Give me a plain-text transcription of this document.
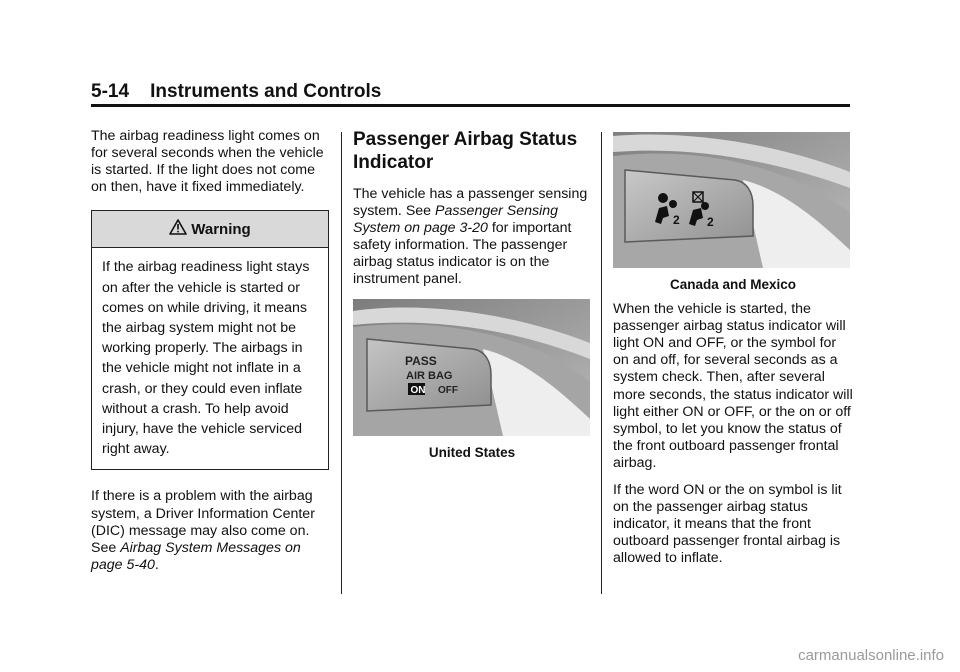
5-14    Instruments and Controls

The airbag readiness light comes on for several seconds when the vehicle is started. If the light does not come on then, have it fixed immediately.

Warning
If the airbag readiness light stays on after the vehicle is started or comes on while driving, it means the airbag system might not be working properly. The airbags in the vehicle might not inflate in a crash, or they could even inflate without a crash. To help avoid injury, have the vehicle serviced right away.

If there is a problem with the airbag system, a Driver Information Center (DIC) message may also come on. See Airbag System Messages on page 5-40.

Passenger Airbag Status Indicator

The vehicle has a passenger sensing system. See Passenger Sensing System on page 3-20 for important safety information. The passenger airbag status indicator is on the instrument panel.

PASS
AIR BAG
ON OFF
United States
2 2
Canada and Mexico

When the vehicle is started, the passenger airbag status indicator will light ON and OFF, or the symbol for on and off, for several seconds as a system check. Then, after several more seconds, the status indicator will light either ON or OFF, or the on or off symbol, to let you know the status of the front outboard passenger frontal airbag.

If the word ON or the on symbol is lit on the passenger airbag status indicator, it means that the front outboard passenger frontal airbag is allowed to inflate.

carmanualsonline.info
